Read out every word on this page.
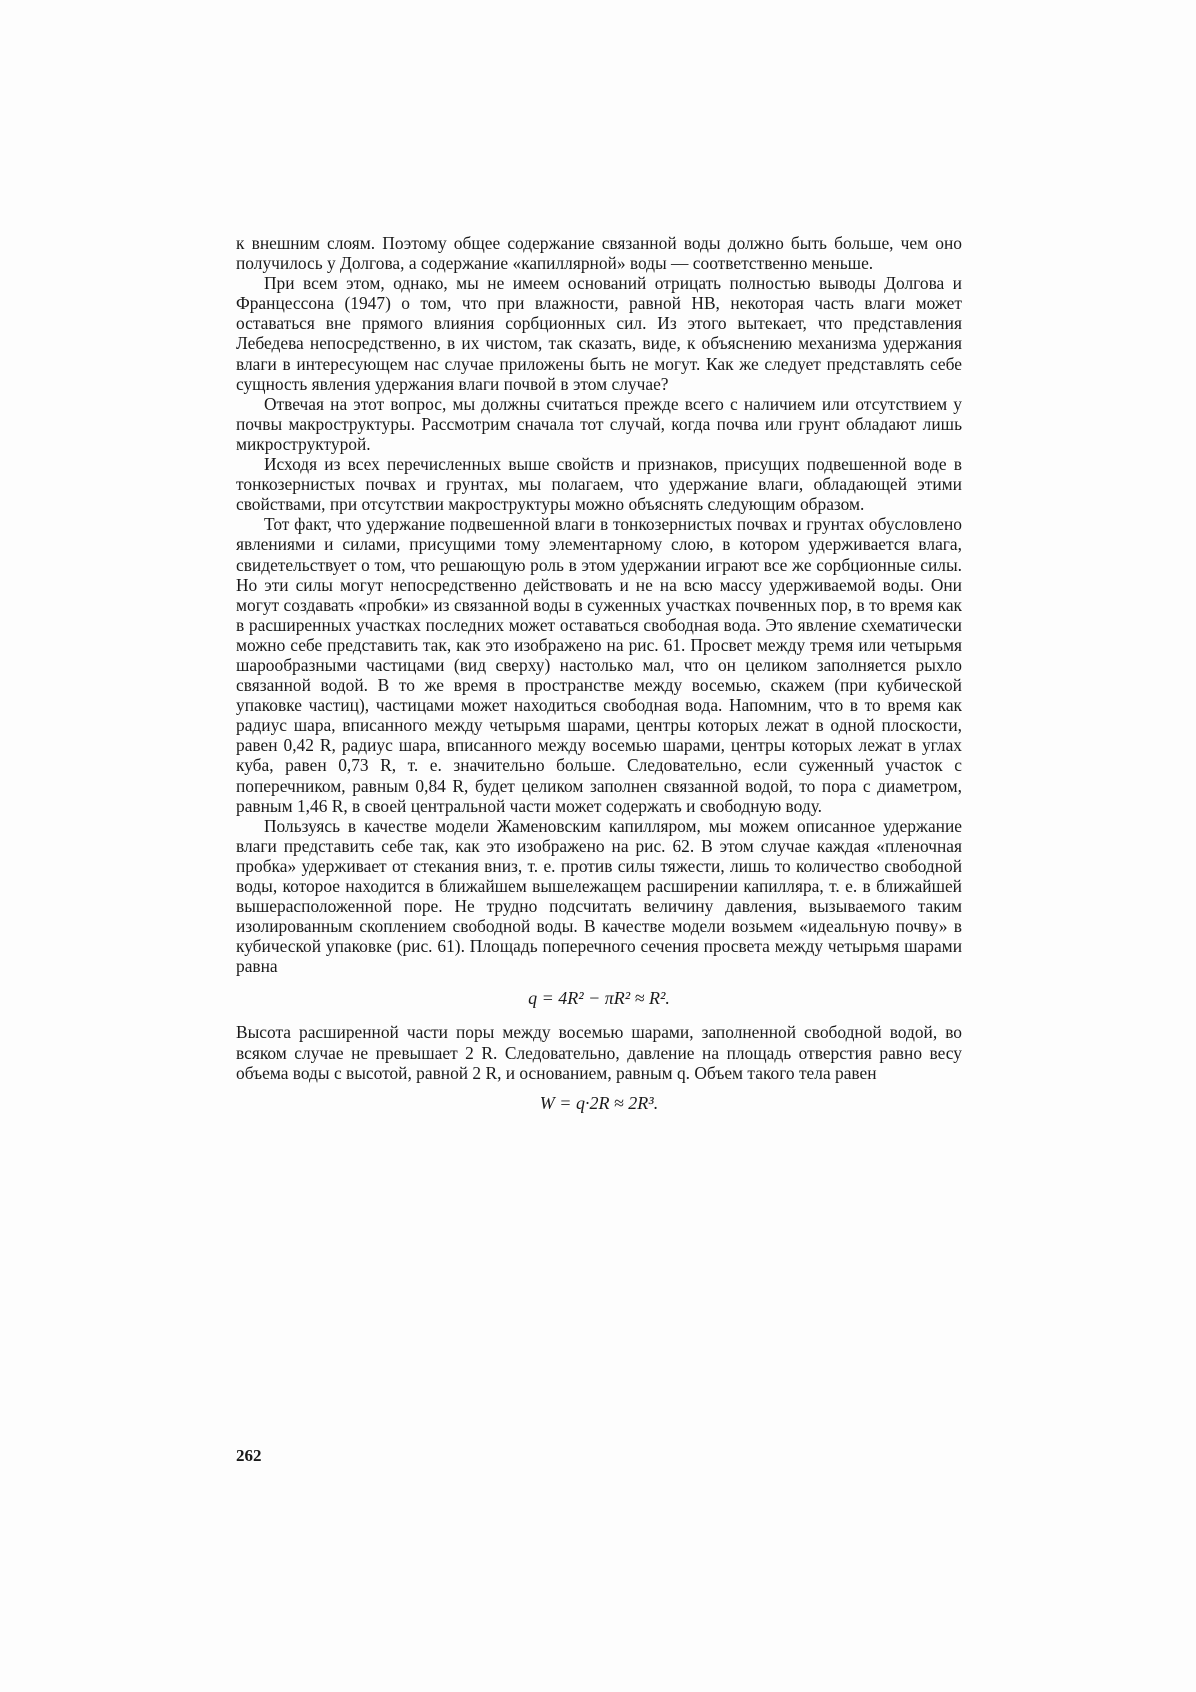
к внешним слоям. Поэтому общее содержание связанной воды должно быть больше, чем оно получилось у Долгова, а содержание «капиллярной» воды — соответственно меньше.

При всем этом, однако, мы не имеем оснований отрицать полностью выводы Долгова и Францессона (1947) о том, что при влажности, равной НВ, некоторая часть влаги может оставаться вне прямого влияния сорбционных сил. Из этого вытекает, что представления Лебедева непосредственно, в их чистом, так сказать, виде, к объяснению механизма удержания влаги в интересующем нас случае приложены быть не могут. Как же следует представлять себе сущность явления удержания влаги почвой в этом случае?

Отвечая на этот вопрос, мы должны считаться прежде всего с наличием или отсутствием у почвы макроструктуры. Рассмотрим сначала тот случай, когда почва или грунт обладают лишь микроструктурой.

Исходя из всех перечисленных выше свойств и признаков, присущих подвешенной воде в тонкозернистых почвах и грунтах, мы полагаем, что удержание влаги, обладающей этими свойствами, при отсутствии макроструктуры можно объяснять следующим образом.

Тот факт, что удержание подвешенной влаги в тонкозернистых почвах и грунтах обусловлено явлениями и силами, присущими тому элементарному слою, в котором удерживается влага, свидетельствует о том, что решающую роль в этом удержании играют все же сорбционные силы. Но эти силы могут непосредственно действовать и не на всю массу удерживаемой воды. Они могут создавать «пробки» из связанной воды в суженных участках почвенных пор, в то время как в расширенных участках последних может оставаться свободная вода. Это явление схематически можно себе представить так, как это изображено на рис. 61. Просвет между тремя или четырьмя шарообразными частицами (вид сверху) настолько мал, что он целиком заполняется рыхло связанной водой. В то же время в пространстве между восемью, скажем (при кубической упаковке частиц), частицами может находиться свободная вода. Напомним, что в то время как радиус шара, вписанного между четырьмя шарами, центры которых лежат в одной плоскости, равен 0,42 R, радиус шара, вписанного между восемью шарами, центры которых лежат в углах куба, равен 0,73 R, т. е. значительно больше. Следовательно, если суженный участок с поперечником, равным 0,84 R, будет целиком заполнен связанной водой, то пора с диаметром, равным 1,46 R, в своей центральной части может содержать и свободную воду.

Пользуясь в качестве модели Жаменовским капилляром, мы можем описанное удержание влаги представить себе так, как это изображено на рис. 62. В этом случае каждая «пленочная пробка» удерживает от стекания вниз, т. е. против силы тяжести, лишь то количество свободной воды, которое находится в ближайшем вышележащем расширении капилляра, т. е. в ближайшей вышерасположенной поре. Не трудно подсчитать величину давления, вызываемого таким изолированным скоплением свободной воды. В качестве модели возьмем «идеальную почву» в кубической упаковке (рис. 61). Площадь поперечного сечения просвета между четырьмя шарами равна

q = 4R² − πR² ≈ R².

Высота расширенной части поры между восемью шарами, заполненной свободной водой, во всяком случае не превышает 2 R. Следовательно, давление на площадь отверстия равно весу объема воды с высотой, равной 2 R, и основанием, равным q. Объем такого тела равен

W = q·2R ≈ 2R³.
262
